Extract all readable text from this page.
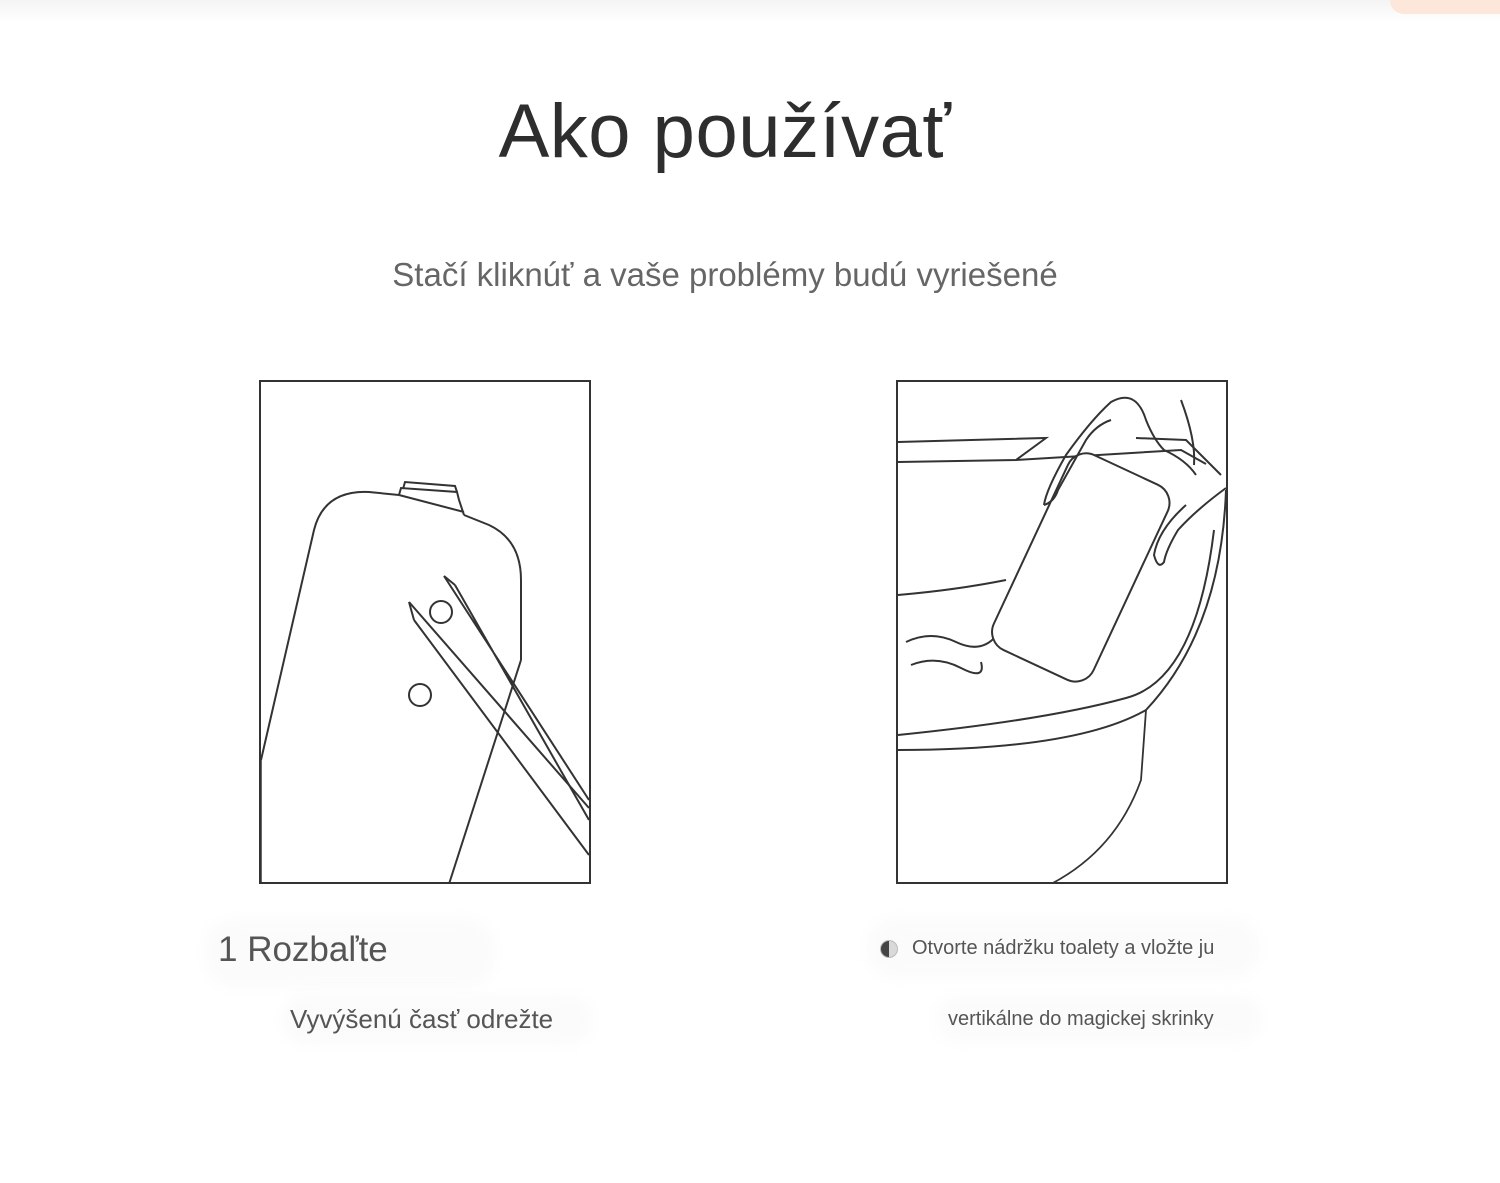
Ako používať

Stačí kliknúť a vaše problémy budú vyriešené

1 Rozbaľte
Vyvýšenú časť odrežte
Otvorte nádržku toalety a vložte ju
vertikálne do magickej skrinky
